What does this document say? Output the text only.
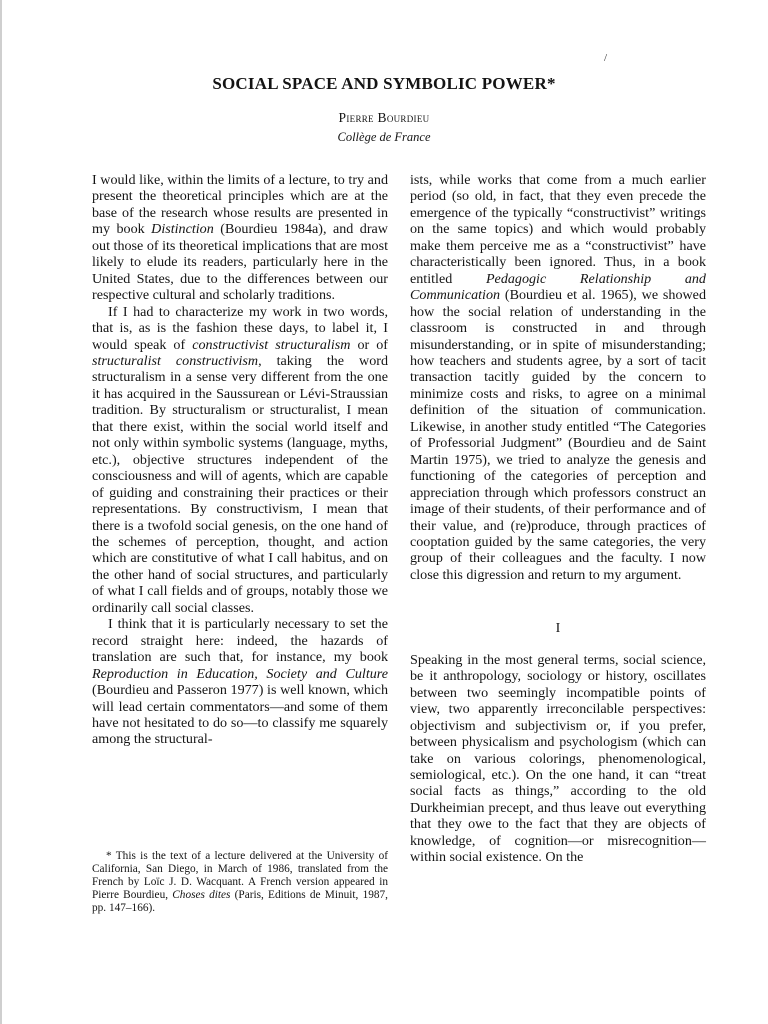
/
SOCIAL SPACE AND SYMBOLIC POWER*
Pierre Bourdieu
Collège de France

I would like, within the limits of a lecture, to try and present the theoretical principles which are at the base of the research whose results are presented in my book Distinction (Bourdieu 1984a), and draw out those of its theoretical implications that are most likely to elude its readers, particularly here in the United States, due to the differences between our respective cultural and scholarly traditions.

If I had to characterize my work in two words, that is, as is the fashion these days, to label it, I would speak of constructivist structuralism or of structuralist constructivism, taking the word structuralism in a sense very different from the one it has acquired in the Saussurean or Lévi-Straussian tradition. By structuralism or structuralist, I mean that there exist, within the social world itself and not only within symbolic systems (language, myths, etc.), objective structures independent of the consciousness and will of agents, which are capable of guiding and constraining their practices or their representations. By constructivism, I mean that there is a twofold social genesis, on the one hand of the schemes of perception, thought, and action which are constitutive of what I call habitus, and on the other hand of social structures, and particularly of what I call fields and of groups, notably those we ordinarily call social classes.

I think that it is particularly necessary to set the record straight here: indeed, the hazards of translation are such that, for instance, my book Reproduction in Education, Society and Culture (Bourdieu and Passeron 1977) is well known, which will lead certain commentators—and some of them have not hesitated to do so—to classify me squarely among the structural-

ists, while works that come from a much earlier period (so old, in fact, that they even precede the emergence of the typically “constructivist” writings on the same topics) and which would probably make them perceive me as a “constructivist” have characteristically been ignored. Thus, in a book entitled Pedagogic Relationship and Communication (Bourdieu et al. 1965), we showed how the social relation of understanding in the classroom is constructed in and through misunderstanding, or in spite of misunderstanding; how teachers and students agree, by a sort of tacit transaction tacitly guided by the concern to minimize costs and risks, to agree on a minimal definition of the situation of communication. Likewise, in another study entitled “The Categories of Professorial Judgment” (Bourdieu and de Saint Martin 1975), we tried to analyze the genesis and functioning of the categories of perception and appreciation through which professors construct an image of their students, of their performance and of their value, and (re)produce, through practices of cooptation guided by the same categories, the very group of their colleagues and the faculty. I now close this digression and return to my argument.

I

Speaking in the most general terms, social science, be it anthropology, sociology or history, oscillates between two seemingly incompatible points of view, two apparently irreconcilable perspectives: objectivism and subjectivism or, if you prefer, between physicalism and psychologism (which can take on various colorings, phenomenological, semiological, etc.). On the one hand, it can “treat social facts as things,” according to the old Durkheimian precept, and thus leave out everything that they owe to the fact that they are objects of knowledge, of cognition—or misrecognition—within social existence. On the

* This is the text of a lecture delivered at the University of California, San Diego, in March of 1986, translated from the French by Loïc J. D. Wacquant. A French version appeared in Pierre Bourdieu, Choses dites (Paris, Editions de Minuit, 1987, pp. 147–166).
